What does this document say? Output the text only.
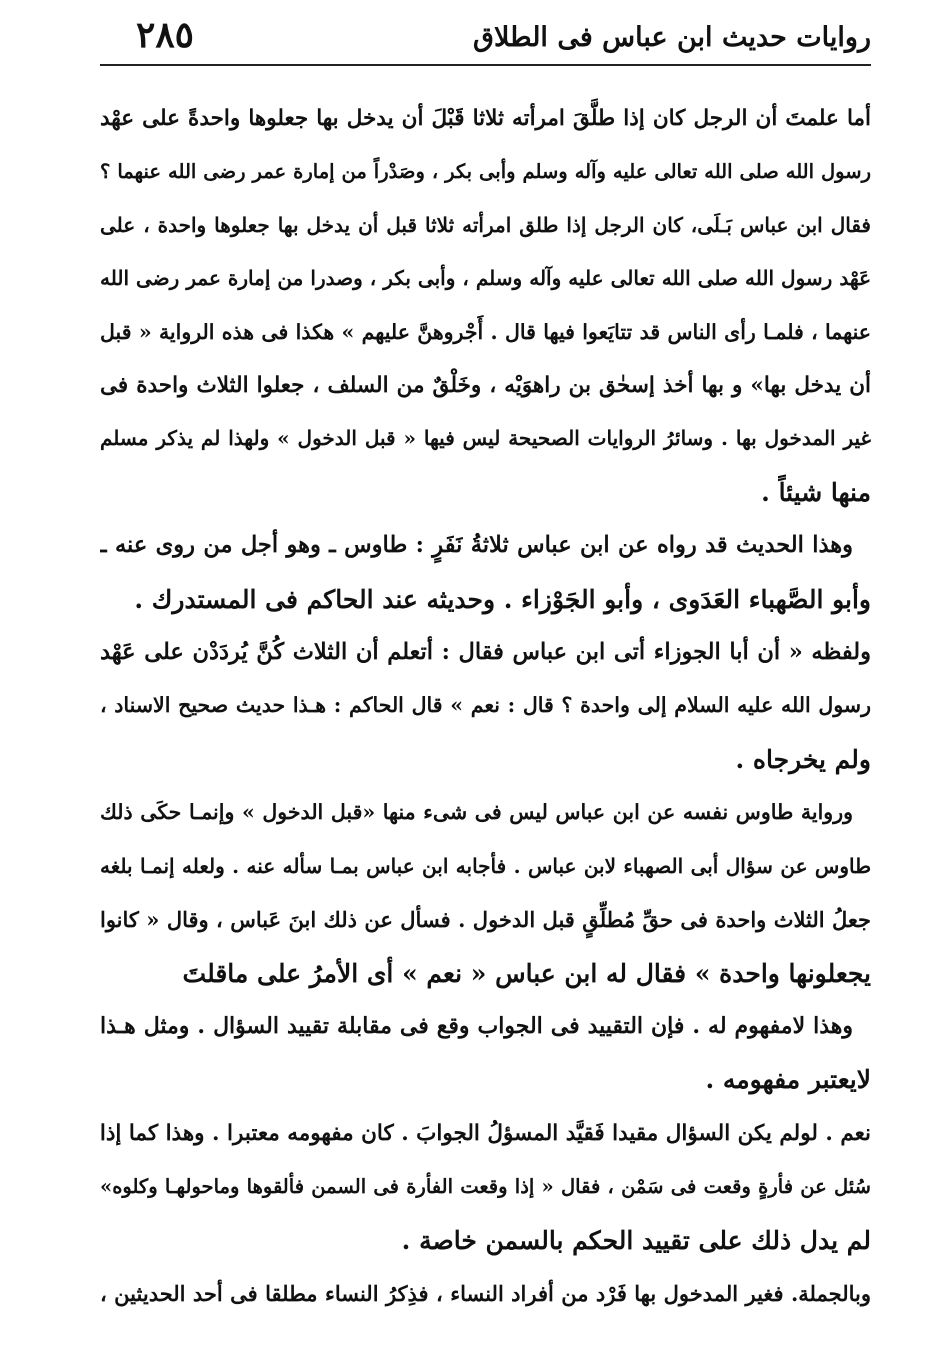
روايات حديث ابن عباس فى الطلاق
٢٨٥
أما علمتَ أن الرجل كان إذا طلَّقَ امرأته ثلاثا قَبْلَ أن يدخل بها جعلوها واحدةً على عهْد
رسول الله صلى الله تعالى عليه وآله وسلم وأبى بكر ، وصَدْراً من إمارة عمر رضى الله عنهما ؟
فقال ابن عباس بَـلَى، كان الرجل إذا طلق امرأته ثلاثا قبل أن يدخل بها جعلوها واحدة ، على
عَهْد رسول الله صلى الله تعالى عليه وآله وسلم ، وأبى بكر ، وصدرا من إمارة عمر رضى الله
عنهما ، فلمـا رأى الناس قد تتايَعوا فيها قال . أَجْروهنَّ عليهم » هكذا فى هذه الرواية « قبل
أن يدخل بها» و بها أخذ إسحٰق بن راهوَيْه ، وخَلْقٌ من السلف ، جعلوا الثلاث واحدة فى
غير المدخول بها . وسائرُ الروايات الصحيحة ليس فيها « قبل الدخول » ولهذا لم يذكر مسلم
منها شيئاً .
وهذا الحديث قد رواه عن ابن عباس ثلاثةُ نَفَرٍ : طاوس ـ وهو أجل من روى عنه ـ
وأبو الصَّهباء العَدَوى ، وأبو الجَوْزاء . وحديثه عند الحاكم فى المستدرك .
ولفظه « أن أبا الجوزاء أتى ابن عباس فقال : أتعلم أن الثلاث كُنَّ يُردَدْن على عَهْد
رسول الله عليه السلام إلى واحدة ؟ قال : نعم » قال الحاكم : هـذا حديث صحيح الاسناد ،
ولم يخرجاه .
ورواية طاوس نفسه عن ابن عباس ليس فى شىء منها «قبل الدخول » وإنمـا حكَى ذلك
طاوس عن سؤال أبى الصهباء لابن عباس . فأجابه ابن عباس بمـا سأله عنه . ولعله إنمـا بلغه
جعلُ الثلاث واحدة فى حقِّ مُطلِّقٍ قبل الدخول . فسأل عن ذلك ابنَ عَباس ، وقال « كانوا
يجعلونها واحدة » فقال له ابن عباس « نعم » أى الأمرُ على ماقلتَ
وهذا لامفهوم له . فإن التقييد فى الجواب وقع فى مقابلة تقييد السؤال . ومثل هـذا
لايعتبر مفهومه .
نعم . لولم يكن السؤال مقيدا فَقيَّد المسؤلُ الجوابَ . كان مفهومه معتبرا . وهذا كما إذا
سُئل عن فأرةٍ وقعت فى سَمْن ، فقال « إذا وقعت الفأرة فى السمن فألقوها وماحولهـا وكلوه»
لم يدل ذلك على تقييد الحكم بالسمن خاصة .
وبالجملة. فغير المدخول بها فَرْد من أفراد النساء ، فذِكرُ النساء مطلقا فى أحد الحديثين ،
